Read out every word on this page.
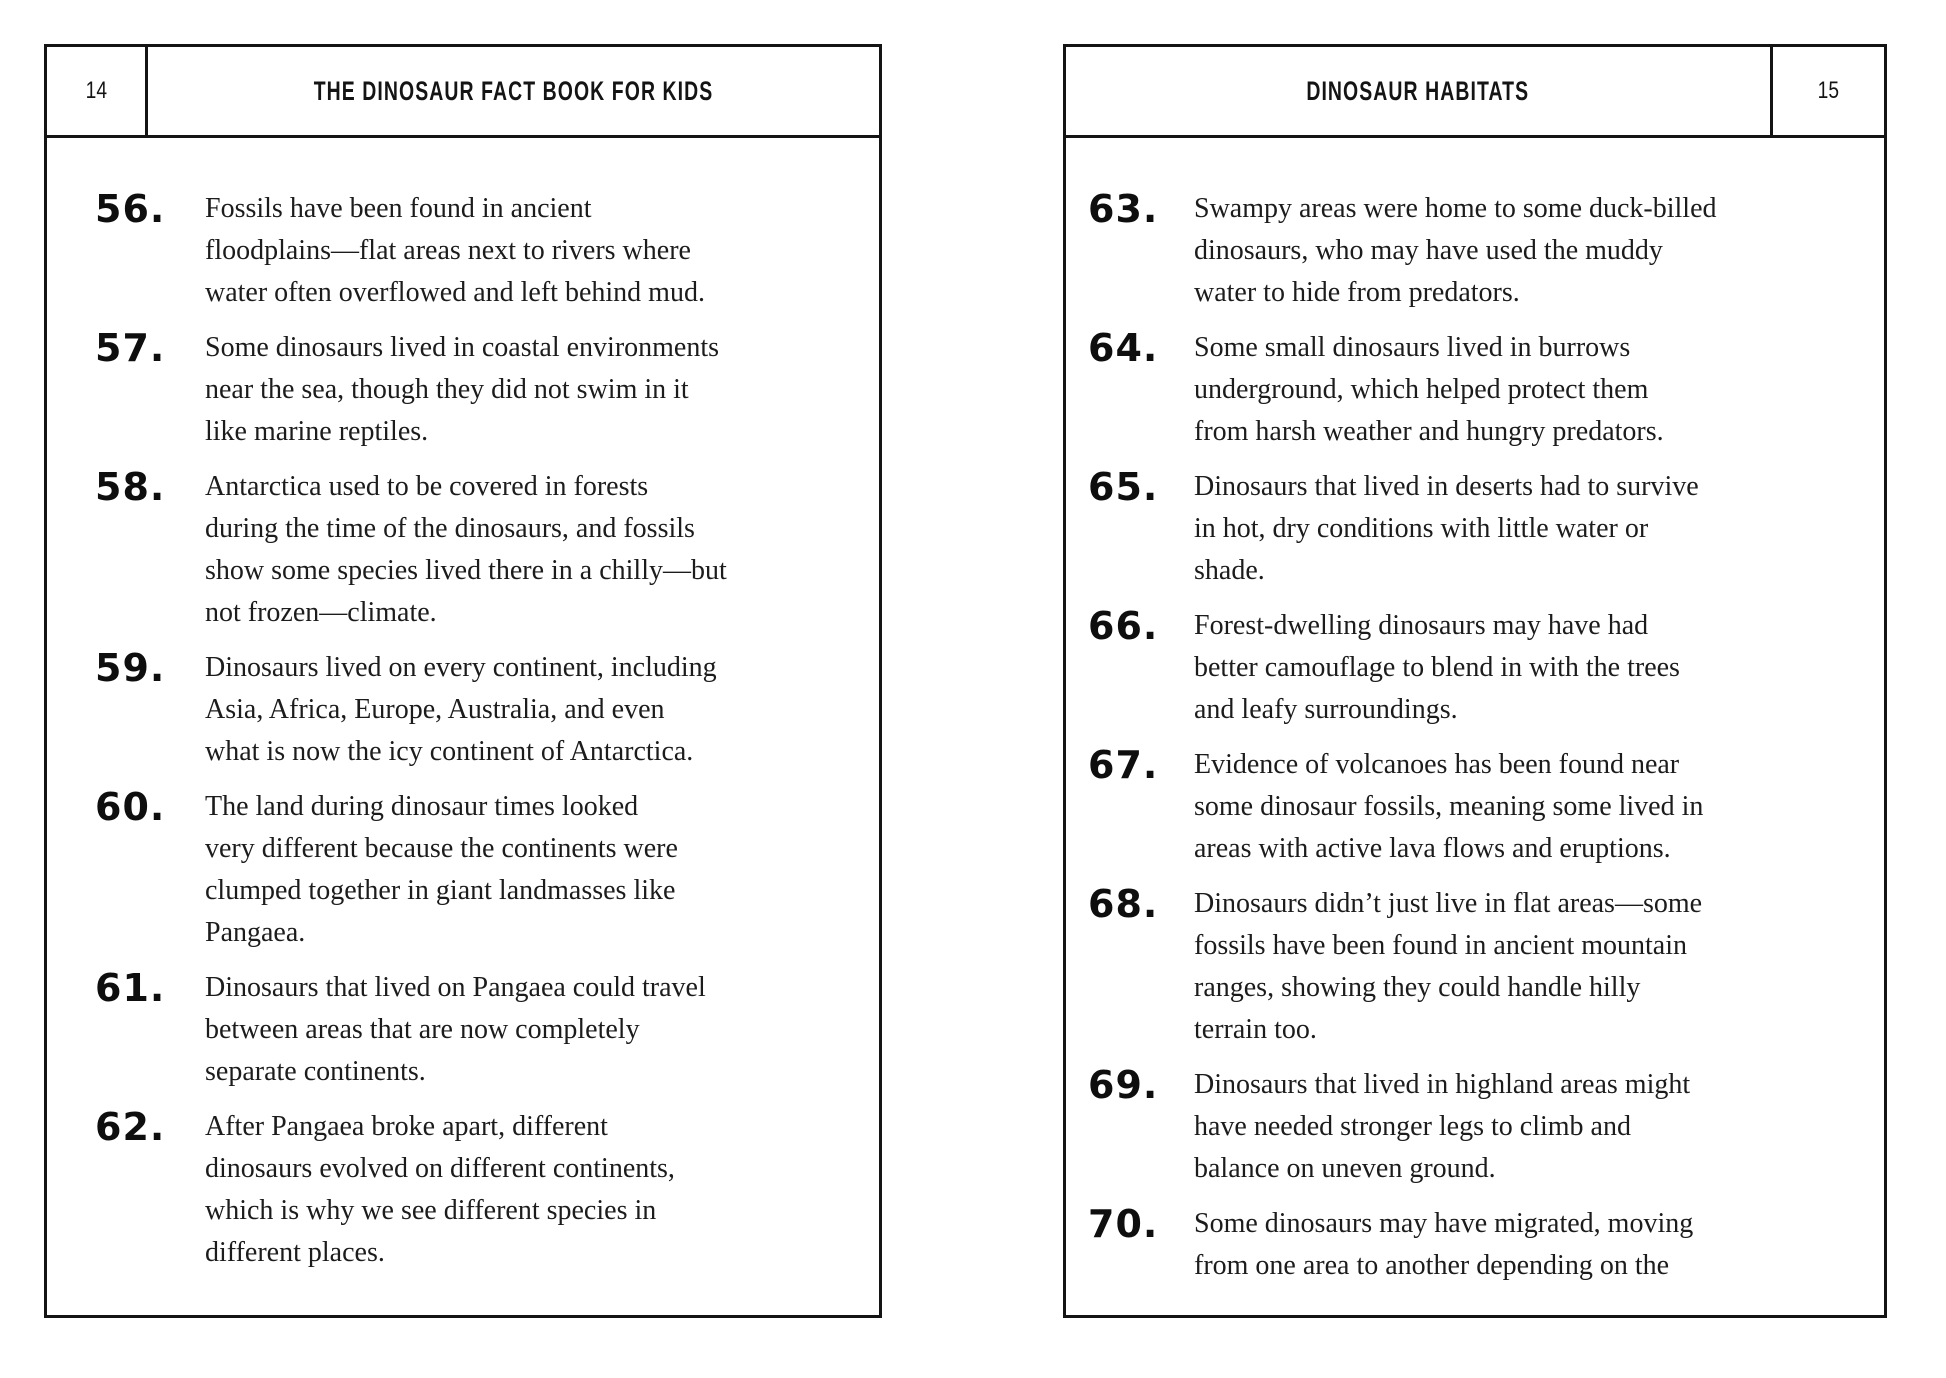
14	THE DINOSAUR FACT BOOK FOR KIDS
56.	Fossils have been found in ancient
floodplains—flat areas next to rivers where
water often overflowed and left behind mud.
57.	Some dinosaurs lived in coastal environments
near the sea, though they did not swim in it
like marine reptiles.
58.	Antarctica used to be covered in forests
during the time of the dinosaurs, and fossils
show some species lived there in a chilly—but
not frozen—climate.
59.	Dinosaurs lived on every continent, including
Asia, Africa, Europe, Australia, and even
what is now the icy continent of Antarctica.
60.	The land during dinosaur times looked
very different because the continents were
clumped together in giant landmasses like
Pangaea.
61.	Dinosaurs that lived on Pangaea could travel
between areas that are now completely
separate continents.
62.	After Pangaea broke apart, different
dinosaurs evolved on different continents,
which is why we see different species in
different places.
DINOSAUR HABITATS	15
63.	Swampy areas were home to some duck-billed
dinosaurs, who may have used the muddy
water to hide from predators.
64.	Some small dinosaurs lived in burrows
underground, which helped protect them
from harsh weather and hungry predators.
65.	Dinosaurs that lived in deserts had to survive
in hot, dry conditions with little water or
shade.
66.	Forest-dwelling dinosaurs may have had
better camouflage to blend in with the trees
and leafy surroundings.
67.	Evidence of volcanoes has been found near
some dinosaur fossils, meaning some lived in
areas with active lava flows and eruptions.
68.	Dinosaurs didn’t just live in flat areas—some
fossils have been found in ancient mountain
ranges, showing they could handle hilly
terrain too.
69.	Dinosaurs that lived in highland areas might
have needed stronger legs to climb and
balance on uneven ground.
70.	Some dinosaurs may have migrated, moving
from one area to another depending on the
